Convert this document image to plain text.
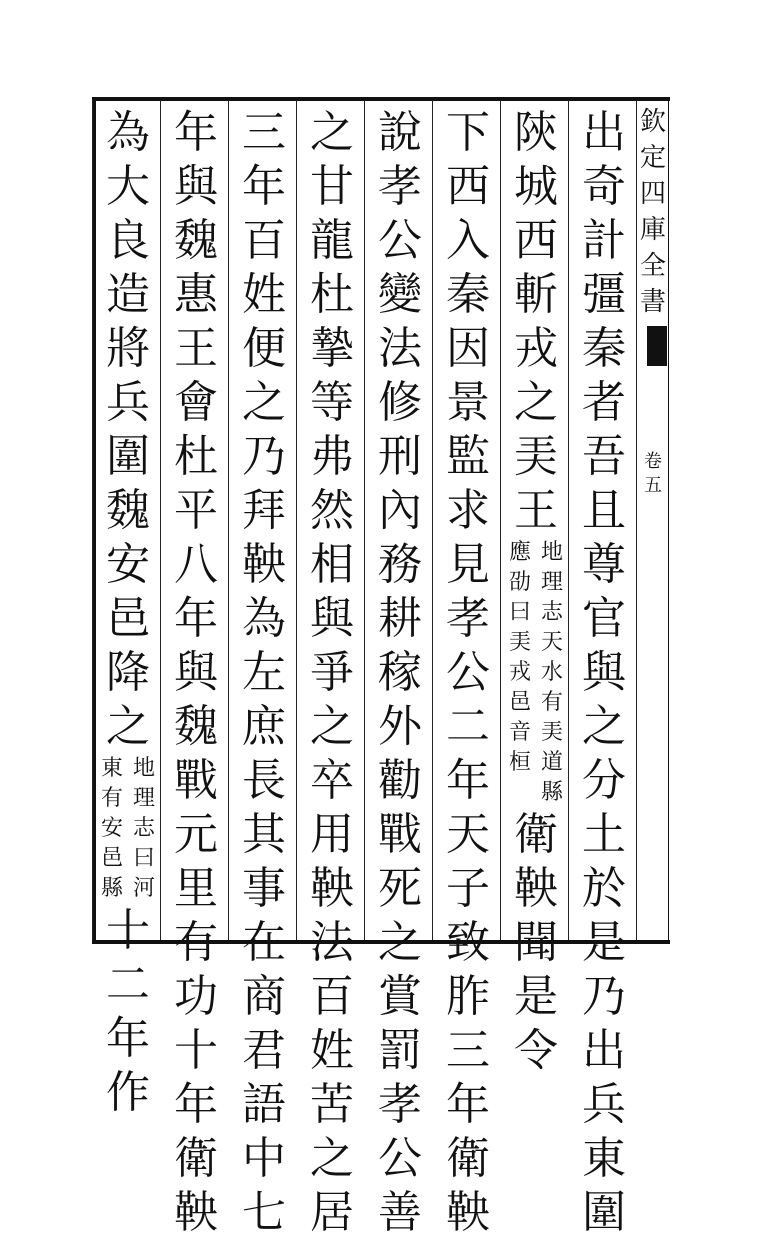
欽
定
四
庫
全
書
卷
五
出
奇
計
彊
秦
者
吾
且
尊
官
與
之
分
土
於
是
乃
出
兵
東
圍
陝
城
西
斬
戎
之
㺯
王
地
理
志
天
水
有
㺯
道
縣
應
劭
曰
㺯
戎
邑
音
桓
衛
鞅
聞
是
令
下
西
入
秦
因
景
監
求
見
孝
公
二
年
天
子
致
胙
三
年
衛
鞅
說
孝
公
變
法
修
刑
內
務
耕
稼
外
勸
戰
死
之
賞
罰
孝
公
善
之
甘
龍
杜
摯
等
弗
然
相
與
爭
之
卒
用
鞅
法
百
姓
苦
之
居
三
年
百
姓
便
之
乃
拜
鞅
為
左
庶
長
其
事
在
商
君
語
中
七
年
與
魏
惠
王
會
杜
平
八
年
與
魏
戰
元
里
有
功
十
年
衛
鞅
為
大
良
造
將
兵
圍
魏
安
邑
降
之
地
理
志
曰
河
東
有
安
邑
縣
十
二
年
作
